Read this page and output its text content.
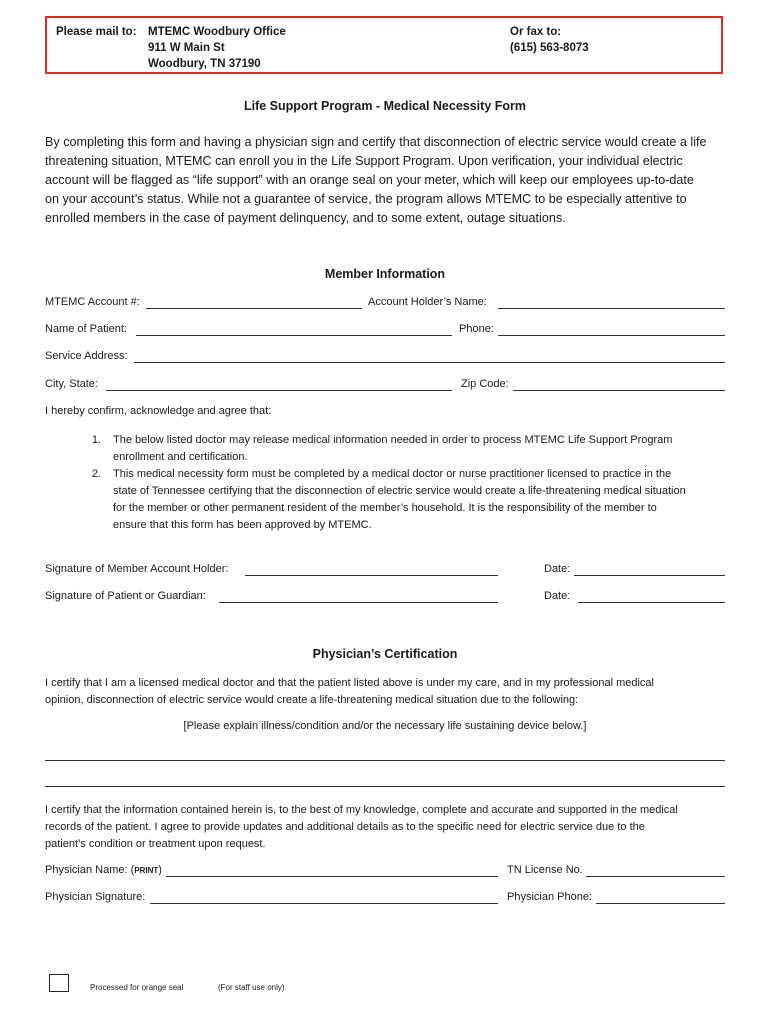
Please mail to: MTEMC Woodbury Office
911 W Main St
Woodbury, TN 37190
Or fax to:
(615) 563-8073
Life Support Program - Medical Necessity Form
By completing this form and having a physician sign and certify that disconnection of electric service would create a life
threatening situation, MTEMC can enroll you in the Life Support Program. Upon verification, your individual electric
account will be flagged as “life support” with an orange seal on your meter, which will keep our employees up-to-date
on your account’s status. While not a guarantee of service, the program allows MTEMC to be especially attentive to
enrolled members in the case of payment delinquency, and to some extent, outage situations.
Member Information
MTEMC Account #:	Account Holder’s Name:
Name of Patient:	Phone:
Service Address:
City, State:	Zip Code:
I hereby confirm, acknowledge and agree that:
1.	The below listed doctor may release medical information needed in order to process MTEMC Life Support Program
enrollment and certification.
2.	This medical necessity form must be completed by a medical doctor or nurse practitioner licensed to practice in the
state of Tennessee certifying that the disconnection of electric service would create a life-threatening medical situation
for the member or other permanent resident of the member’s household. It is the responsibility of the member to
ensure that this form has been approved by MTEMC.
Signature of Member Account Holder:	Date:
Signature of Patient or Guardian:	Date:
Physician’s Certification
I certify that I am a licensed medical doctor and that the patient listed above is under my care, and in my professional medical
opinion, disconnection of electric service would create a life-threatening medical situation due to the following:
[Please explain illness/condition and/or the necessary life sustaining device below.]
I certify that the information contained herein is, to the best of my knowledge, complete and accurate and supported in the medical
records of the patient. I agree to provide updates and additional details as to the specific need for electric service due to the
patient’s condition or treatment upon request.
Physician Name: (PRINT)	TN License No.
Physician Signature:	Physician Phone:
Processed for orange seal	(For staff use only)
